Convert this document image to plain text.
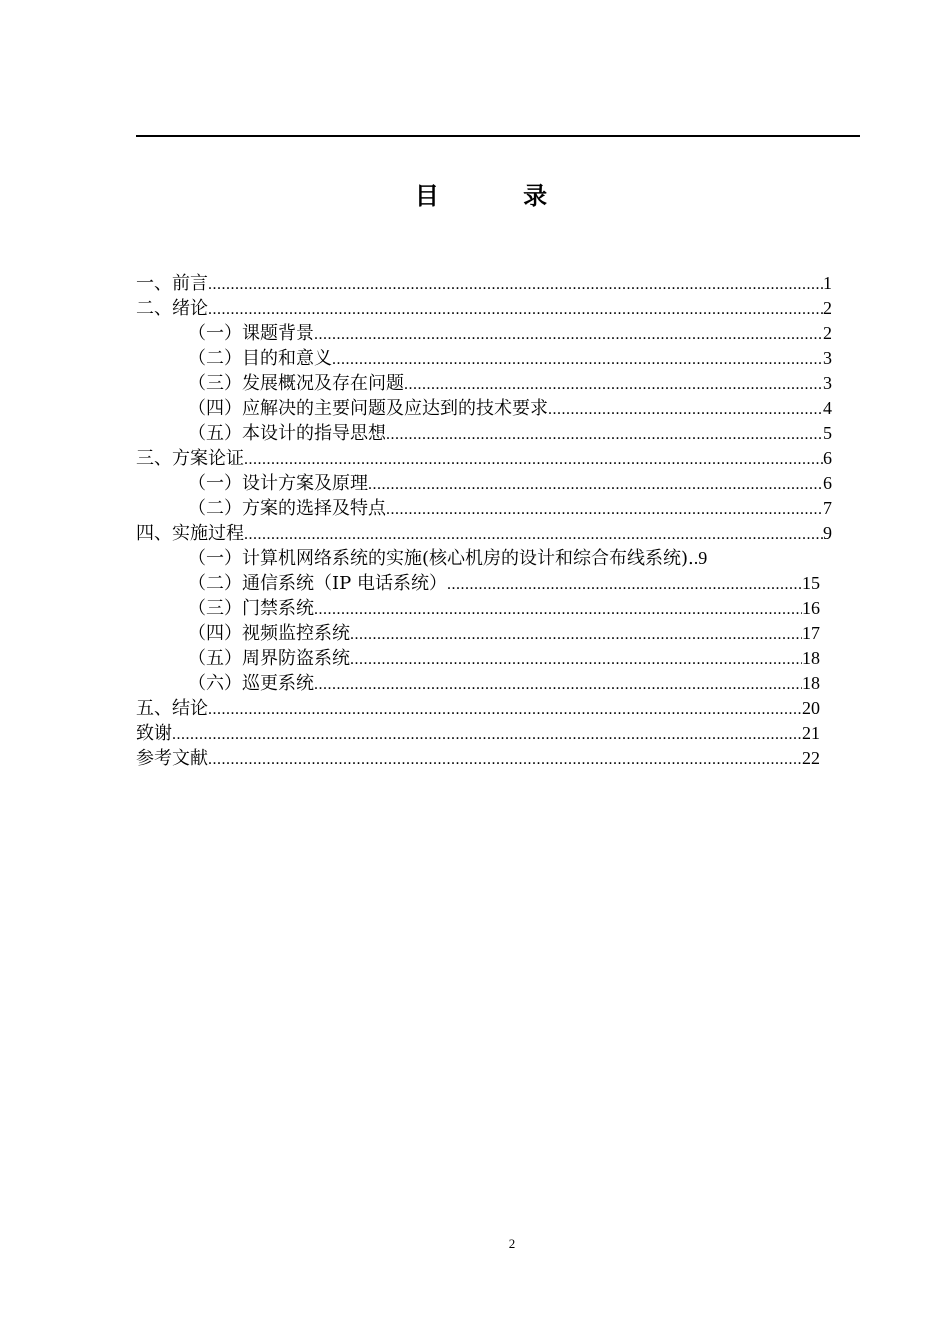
目 录
一、前言 .....	1
二、绪论 .....	2
（一）课题背景 .....	2
（二）目的和意义 .....	3
（三）发展概况及存在问题 .....	3
（四）应解决的主要问题及应达到的技术要求 .....	4
（五）本设计的指导思想 .....	5
三、方案论证 .....	6
（一）设计方案及原理 .....	6
（二）方案的选择及特点 .....	7
四、实施过程 .....	9
（一）计算机网络系统的实施(核心机房的设计和综合布线系统). .9
（二）通信系统（IP 电话系统） .....	15
（三）门禁系统 .....	16
（四）视频监控系统 .....	17
（五）周界防盗系统 .....	18
（六）巡更系统 .....	18
五、结论 .....	20
致谢 .....	21
参考文献 .....	22
2
